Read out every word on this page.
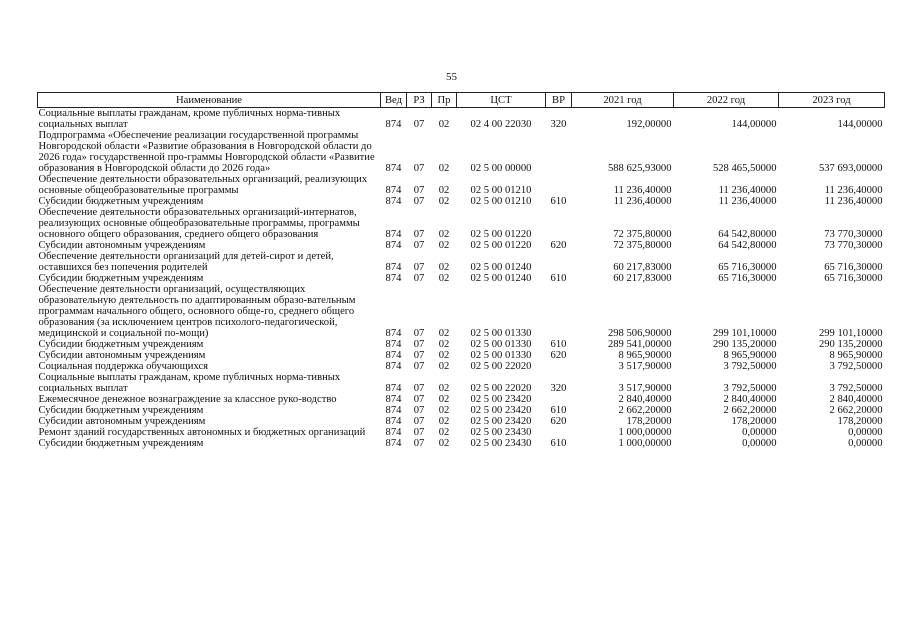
55
Наименование	Вед	РЗ	Пр	ЦСТ	ВР	2021 год	2022 год	2023 год
Социальные выплаты гражданам, кроме публичных норма-тивных социальных выплат	874	07	02	02 4 00 22030	320	192,00000	144,00000	144,00000
Подпрограмма «Обеспечение реализации государственной программы Новгородской области «Развитие образования в Новгородской области до 2026 года» государственной про-граммы Новгородской области «Развитие образования в Новгородской области до 2026 года»	874	07	02	02 5 00 00000		588 625,93000	528 465,50000	537 693,00000
Обеспечение деятельности образовательных организаций, реализующих основные общеобразовательные программы	874	07	02	02 5 00 01210		11 236,40000	11 236,40000	11 236,40000
Субсидии бюджетным учреждениям	874	07	02	02 5 00 01210	610	11 236,40000	11 236,40000	11 236,40000
Обеспечение деятельности образовательных организаций-интернатов, реализующих основные общеобразовательные программы, программы основного общего образования, среднего общего образования	874	07	02	02 5 00 01220		72 375,80000	64 542,80000	73 770,30000
Субсидии автономным учреждениям	874	07	02	02 5 00 01220	620	72 375,80000	64 542,80000	73 770,30000
Обеспечение деятельности организаций для детей-сирот и детей, оставшихся без попечения родителей	874	07	02	02 5 00 01240		60 217,83000	65 716,30000	65 716,30000
Субсидии бюджетным учреждениям	874	07	02	02 5 00 01240	610	60 217,83000	65 716,30000	65 716,30000
Обеспечение деятельности организаций, осуществляющих образовательную деятельность по адаптированным образо-вательным программам начального общего, основного обще-го, среднего общего образования (за исключением центров психолого-педагогической, медицинской и социальной по-мощи)	874	07	02	02 5 00 01330		298 506,90000	299 101,10000	299 101,10000
Субсидии бюджетным учреждениям	874	07	02	02 5 00 01330	610	289 541,00000	290 135,20000	290 135,20000
Субсидии автономным учреждениям	874	07	02	02 5 00 01330	620	8 965,90000	8 965,90000	8 965,90000
Социальная поддержка обучающихся	874	07	02	02 5 00 22020		3 517,90000	3 792,50000	3 792,50000
Социальные выплаты гражданам, кроме публичных норма-тивных социальных выплат	874	07	02	02 5 00 22020	320	3 517,90000	3 792,50000	3 792,50000
Ежемесячное денежное вознаграждение за классное руко-водство	874	07	02	02 5 00 23420		2 840,40000	2 840,40000	2 840,40000
Субсидии бюджетным учреждениям	874	07	02	02 5 00 23420	610	2 662,20000	2 662,20000	2 662,20000
Субсидии автономным учреждениям	874	07	02	02 5 00 23420	620	178,20000	178,20000	178,20000
Ремонт зданий государственных автономных и бюджетных организаций	874	07	02	02 5 00 23430		1 000,00000	0,00000	0,00000
Субсидии бюджетным учреждениям	874	07	02	02 5 00 23430	610	1 000,00000	0,00000	0,00000
